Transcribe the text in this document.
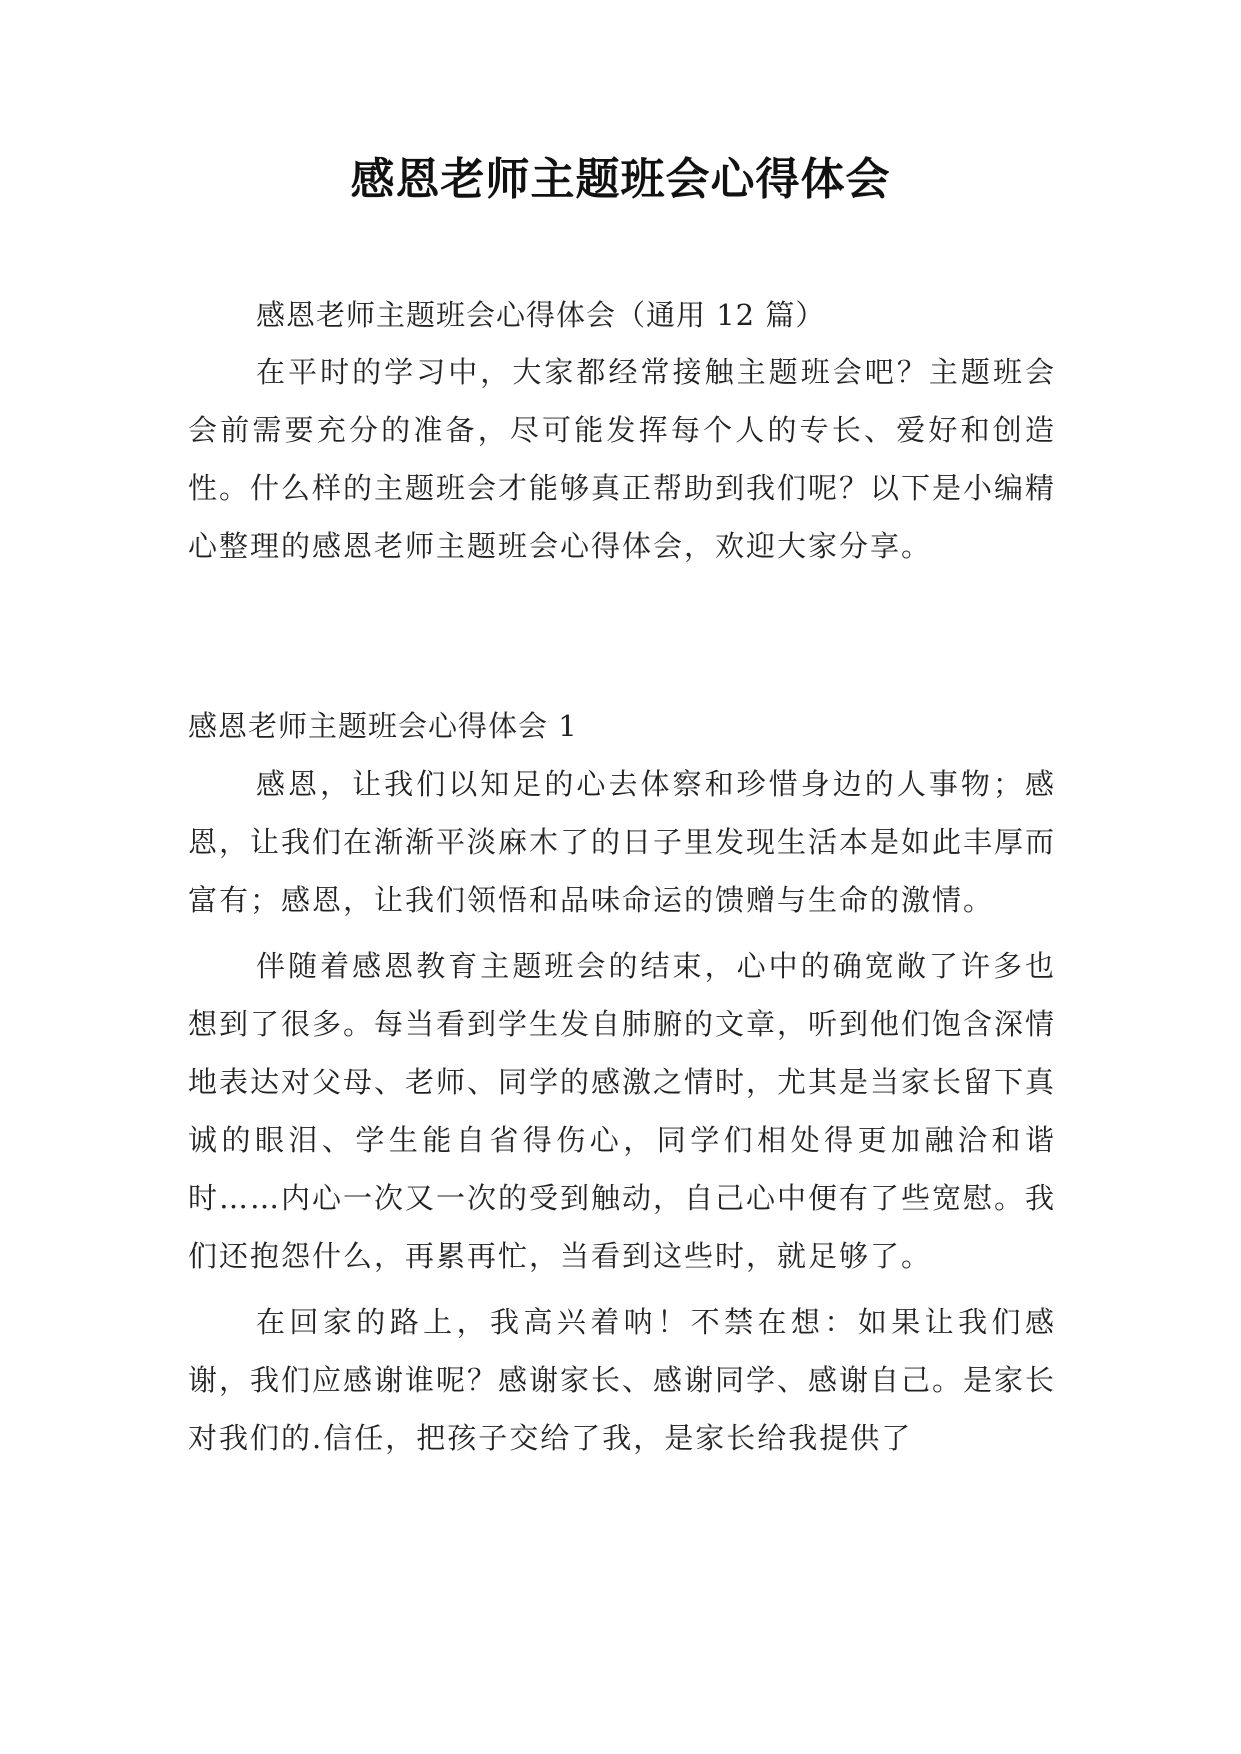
感恩老师主题班会心得体会
感恩老师主题班会心得体会（通用 12 篇）

在平时的学习中，大家都经常接触主题班会吧？主题班会会前需要充分的准备，尽可能发挥每个人的专长、爱好和创造性。什么样的主题班会才能够真正帮助到我们呢？以下是小编精心整理的感恩老师主题班会心得体会，欢迎大家分享。

感恩老师主题班会心得体会 1

感恩，让我们以知足的心去体察和珍惜身边的人事物；感恩，让我们在渐渐平淡麻木了的日子里发现生活本是如此丰厚而富有；感恩，让我们领悟和品味命运的馈赠与生命的激情。

伴随着感恩教育主题班会的结束，心中的确宽敞了许多也想到了很多。每当看到学生发自肺腑的文章，听到他们饱含深情地表达对父母、老师、同学的感激之情时，尤其是当家长留下真诚的眼泪、学生能自省得伤心，同学们相处得更加融洽和谐时……内心一次又一次的受到触动，自己心中便有了些宽慰。我们还抱怨什么，再累再忙，当看到这些时，就足够了。

在回家的路上，我高兴着呐！不禁在想：如果让我们感谢，我们应感谢谁呢？感谢家长、感谢同学、感谢自己。是家长对我们的.信任，把孩子交给了我，是家长给我提供了
